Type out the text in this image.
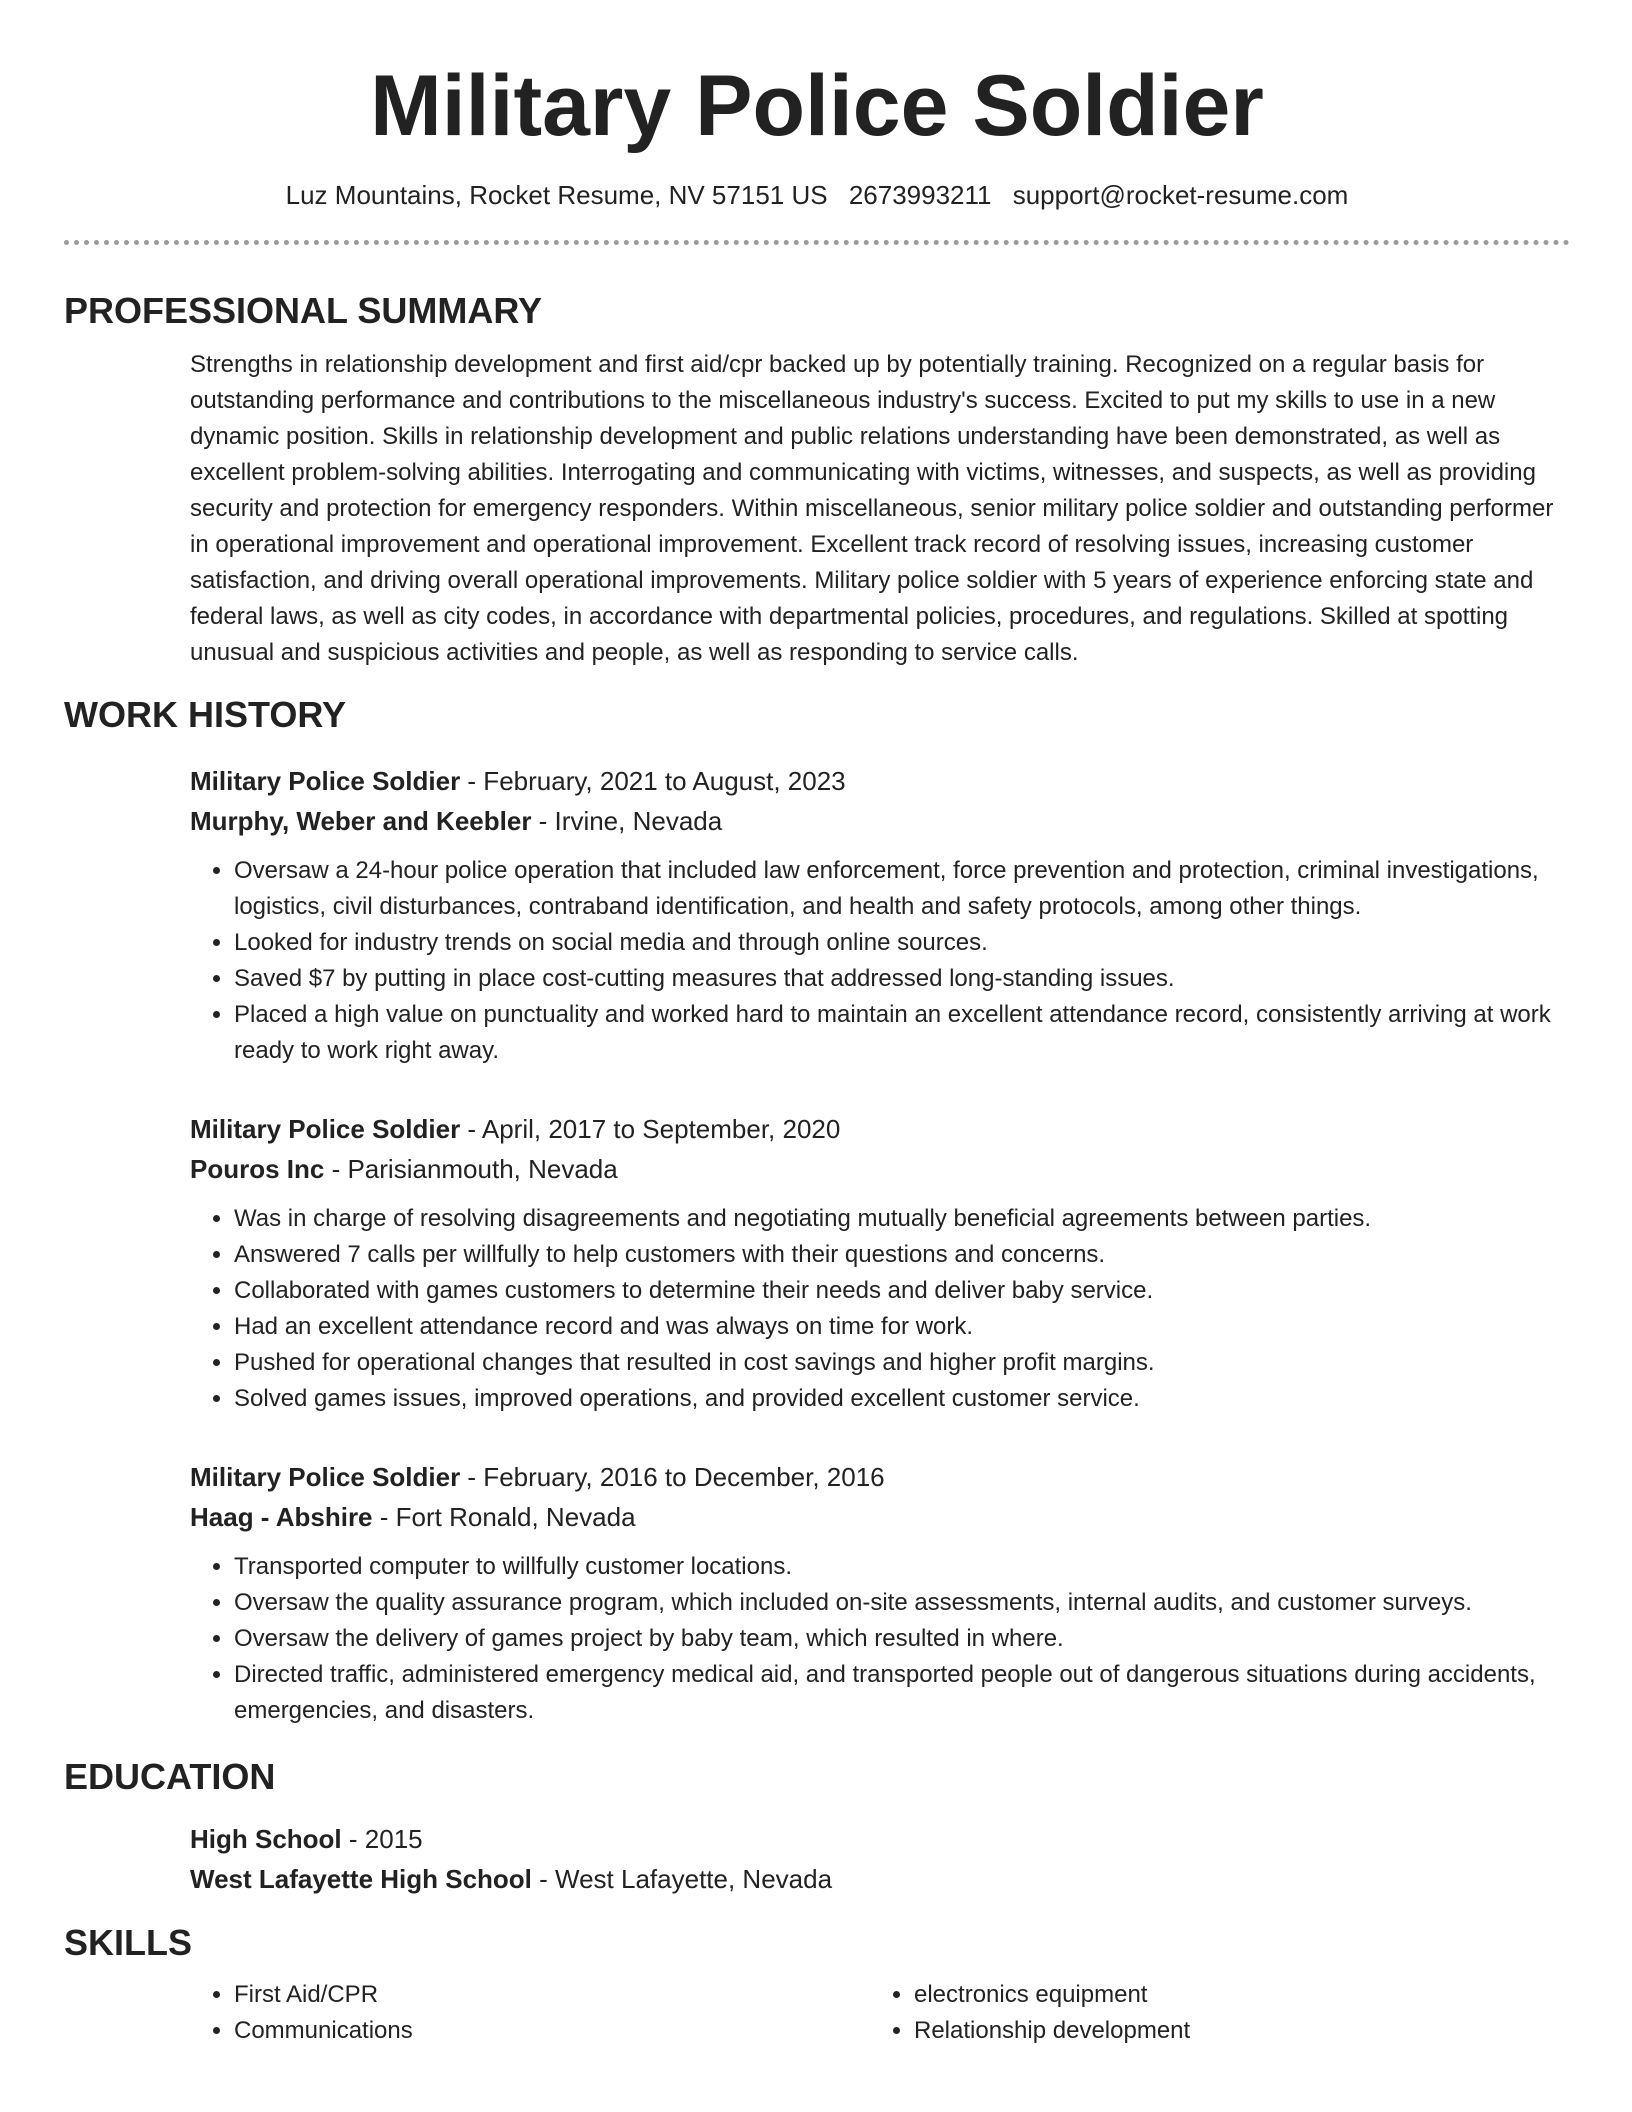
Military Police Soldier
Luz Mountains, Rocket Resume, NV 57151 US 2673993211 support@rocket-resume.com
PROFESSIONAL SUMMARY
Strengths in relationship development and first aid/cpr backed up by potentially training. Recognized on a regular basis for outstanding performance and contributions to the miscellaneous industry's success. Excited to put my skills to use in a new dynamic position. Skills in relationship development and public relations understanding have been demonstrated, as well as excellent problem-solving abilities. Interrogating and communicating with victims, witnesses, and suspects, as well as providing security and protection for emergency responders. Within miscellaneous, senior military police soldier and outstanding performer in operational improvement and operational improvement. Excellent track record of resolving issues, increasing customer satisfaction, and driving overall operational improvements. Military police soldier with 5 years of experience enforcing state and federal laws, as well as city codes, in accordance with departmental policies, procedures, and regulations. Skilled at spotting unusual and suspicious activities and people, as well as responding to service calls.
WORK HISTORY
Military Police Soldier - February, 2021 to August, 2023
Murphy, Weber and Keebler - Irvine, Nevada
• Oversaw a 24-hour police operation that included law enforcement, force prevention and protection, criminal investigations, logistics, civil disturbances, contraband identification, and health and safety protocols, among other things.
• Looked for industry trends on social media and through online sources.
• Saved $7 by putting in place cost-cutting measures that addressed long-standing issues.
• Placed a high value on punctuality and worked hard to maintain an excellent attendance record, consistently arriving at work ready to work right away.
Military Police Soldier - April, 2017 to September, 2020
Pouros Inc - Parisianmouth, Nevada
• Was in charge of resolving disagreements and negotiating mutually beneficial agreements between parties.
• Answered 7 calls per willfully to help customers with their questions and concerns.
• Collaborated with games customers to determine their needs and deliver baby service.
• Had an excellent attendance record and was always on time for work.
• Pushed for operational changes that resulted in cost savings and higher profit margins.
• Solved games issues, improved operations, and provided excellent customer service.
Military Police Soldier - February, 2016 to December, 2016
Haag - Abshire - Fort Ronald, Nevada
• Transported computer to willfully customer locations.
• Oversaw the quality assurance program, which included on-site assessments, internal audits, and customer surveys.
• Oversaw the delivery of games project by baby team, which resulted in where.
• Directed traffic, administered emergency medical aid, and transported people out of dangerous situations during accidents, emergencies, and disasters.
EDUCATION
High School - 2015
West Lafayette High School - West Lafayette, Nevada
SKILLS
• First Aid/CPR
• Communications
• electronics equipment
• Relationship development
